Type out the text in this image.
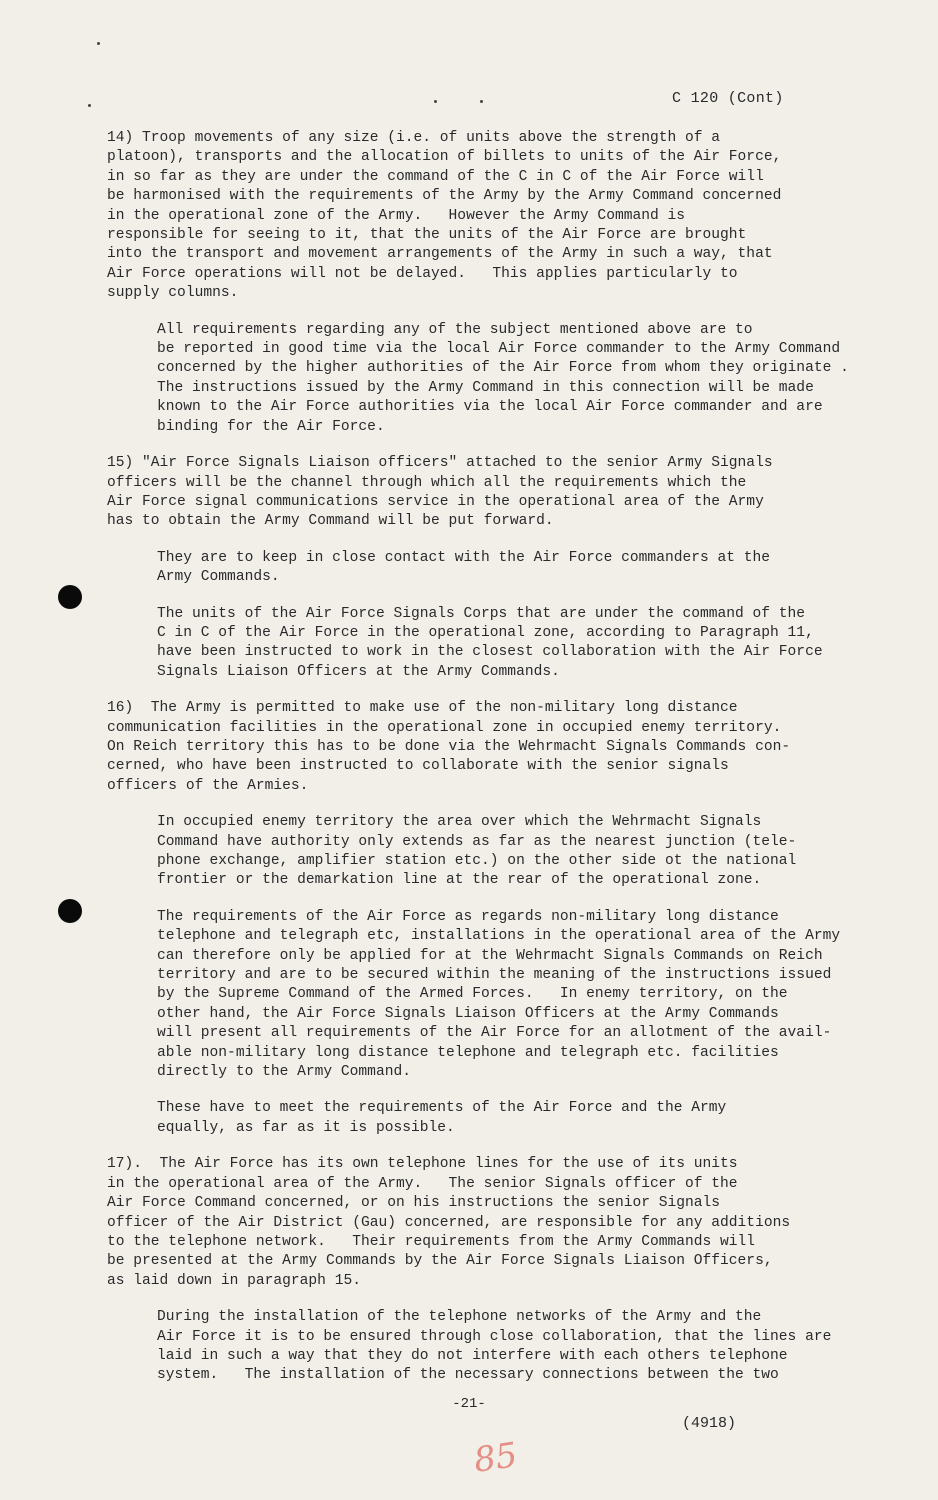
C 120 (Cont)
14) Troop movements of any size (i.e. of units above the strength of a
platoon), transports and the allocation of billets to units of the Air Force,
in so far as they are under the command of the C in C of the Air Force will
be harmonised with the requirements of the Army by the Army Command concerned
in the operational zone of the Army.   However the Army Command is
responsible for seeing to it, that the units of the Air Force are brought
into the transport and movement arrangements of the Army in such a way, that
Air Force operations will not be delayed.   This applies particularly to
supply columns.
All requirements regarding any of the subject mentioned above are to
be reported in good time via the local Air Force commander to the Army Command
concerned by the higher authorities of the Air Force from whom they originate .
The instructions issued by the Army Command in this connection will be made
known to the Air Force authorities via the local Air Force commander and are
binding for the Air Force.
15) "Air Force Signals Liaison officers" attached to the senior Army Signals
officers will be the channel through which all the requirements which the
Air Force signal communications service in the operational area of the Army
has to obtain the Army Command will be put forward.
They are to keep in close contact with the Air Force commanders at the
Army Commands.
The units of the Air Force Signals Corps that are under the command of the
C in C of the Air Force in the operational zone, according to Paragraph 11,
have been instructed to work in the closest collaboration with the Air Force
Signals Liaison Officers at the Army Commands.
16)  The Army is permitted to make use of the non-military long distance
communication facilities in the operational zone in occupied enemy territory.
On Reich territory this has to be done via the Wehrmacht Signals Commands con-
cerned, who have been instructed to collaborate with the senior signals
officers of the Armies.
In occupied enemy territory the area over which the Wehrmacht Signals
Command have authority only extends as far as the nearest junction (tele-
phone exchange, amplifier station etc.) on the other side ot the national
frontier or the demarkation line at the rear of the operational zone.
The requirements of the Air Force as regards non-military long distance
telephone and telegraph etc, installations in the operational area of the Army
can therefore only be applied for at the Wehrmacht Signals Commands on Reich
territory and are to be secured within the meaning of the instructions issued
by the Supreme Command of the Armed Forces.   In enemy territory, on the
other hand, the Air Force Signals Liaison Officers at the Army Commands
will present all requirements of the Air Force for an allotment of the avail-
able non-military long distance telephone and telegraph etc. facilities
directly to the Army Command.
These have to meet the requirements of the Air Force and the Army
equally, as far as it is possible.
17).  The Air Force has its own telephone lines for the use of its units
in the operational area of the Army.   The senior Signals officer of the
Air Force Command concerned, or on his instructions the senior Signals
officer of the Air District (Gau) concerned, are responsible for any additions
to the telephone network.   Their requirements from the Army Commands will
be presented at the Army Commands by the Air Force Signals Liaison Officers,
as laid down in paragraph 15.
During the installation of the telephone networks of the Army and the
Air Force it is to be ensured through close collaboration, that the lines are
laid in such a way that they do not interfere with each others telephone
system.   The installation of the necessary connections between the two
-21-
(4918)
85
